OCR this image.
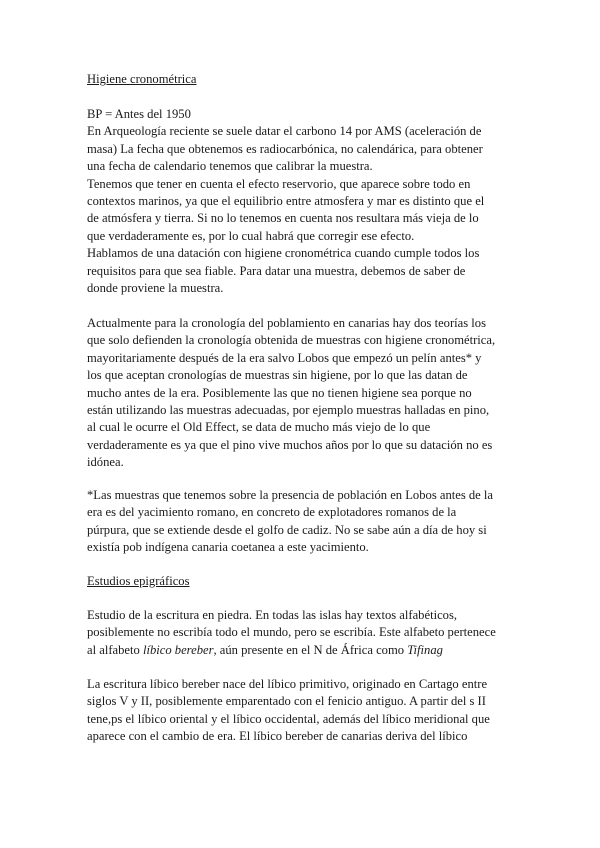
Higiene cronométrica
BP = Antes del 1950
En Arqueología reciente se suele datar el carbono 14 por AMS (aceleración de
masa) La fecha que obtenemos es radiocarbónica, no calendárica, para obtener
una fecha de calendario tenemos que calibrar la muestra.
Tenemos que tener en cuenta el efecto reservorio, que aparece sobre todo en
contextos marinos, ya que el equilibrio entre atmosfera y mar es distinto que el
de atmósfera y tierra. Si no lo tenemos en cuenta nos resultara más vieja de lo
que verdaderamente es, por lo cual habrá que corregir ese efecto.
Hablamos de una datación con higiene cronométrica cuando cumple todos los
requisitos para que sea fiable. Para datar una muestra, debemos de saber de
donde proviene la muestra.
Actualmente para la cronología del poblamiento en canarias hay dos teorías los
que solo defienden la cronología obtenida de muestras con higiene cronométrica,
mayoritariamente después de la era salvo Lobos que empezó un pelín antes* y
los que aceptan cronologías de muestras sin higiene, por lo que las datan de
mucho antes de la era. Posiblemente las que no tienen higiene sea porque no
están utilizando las muestras adecuadas, por ejemplo muestras halladas en pino,
al cual le ocurre el Old Effect, se data de mucho más viejo de lo que
verdaderamente es ya que el pino vive muchos años por lo que su datación no es
idónea.
*Las muestras que tenemos sobre la presencia de población en Lobos antes de la
era es del yacimiento romano, en concreto de explotadores romanos de la
púrpura, que se extiende desde el golfo de cadiz. No se sabe aún a día de hoy si
existía pob indígena canaria coetanea a este yacimiento.
Estudios epigráficos
Estudio de la escritura en piedra. En todas las islas hay textos alfabéticos,
posiblemente no escribía todo el mundo, pero se escribía. Este alfabeto pertenece
al alfabeto líbico bereber, aún presente en el N de África como Tifinag
La escritura líbico bereber nace del líbico primitivo, originado en Cartago entre
siglos V y II, posiblemente emparentado con el fenicio antiguo. A partir del s II
tene,ps el líbico oriental y el líbico occidental, además del líbico meridional que
aparece con el cambio de era. El líbico bereber de canarias deriva del líbico
